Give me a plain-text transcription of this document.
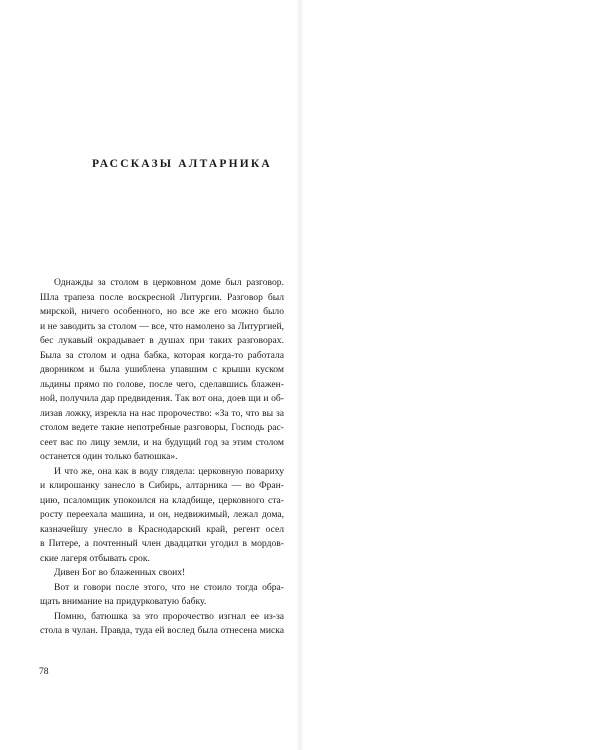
РАССКАЗЫ АЛТАРНИКА

Однажды за столом в церковном доме был разговор.

Шла трапеза после воскресной Литургии. Разговор был

мирской, ничего особенного, но все же его можно было

и не заводить за столом — все, что намолено за Литургией,

бес лукавый окрадывает в душах при таких разговорах.

Была за столом и одна бабка, которая когда-то работала

дворником и была ушиблена упавшим с крыши куском

льдины прямо по голове, после чего, сделавшись блажен-

ной, получила дар предвидения. Так вот она, доев щи и об-

лизав ложку, изрекла на нас пророчество: «За то, что вы за

столом ведете такие непотребные разговоры, Господь рас-

сеет вас по лицу земли, и на будущий год за этим столом

останется один только батюшка».

И что же, она как в воду глядела: церковную повариху

и клирошанку занесло в Сибирь, алтарника — во Фран-

цию, псаломщик упокоился на кладбище, церковного ста-

росту переехала машина, и он, недвижимый, лежал дома,

казначейшу унесло в Краснодарский край, регент осел

в Питере, а почтенный член двадцатки угодил в мордов-

ские лагеря отбывать срок.

Дивен Бог во блаженных своих!

Вот и говори после этого, что не стоило тогда обра-

щать внимание на придурковатую бабку.

Помню, батюшка за это пророчество изгнал ее из-за

стола в чулан. Правда, туда ей вослед была отнесена миска

78
